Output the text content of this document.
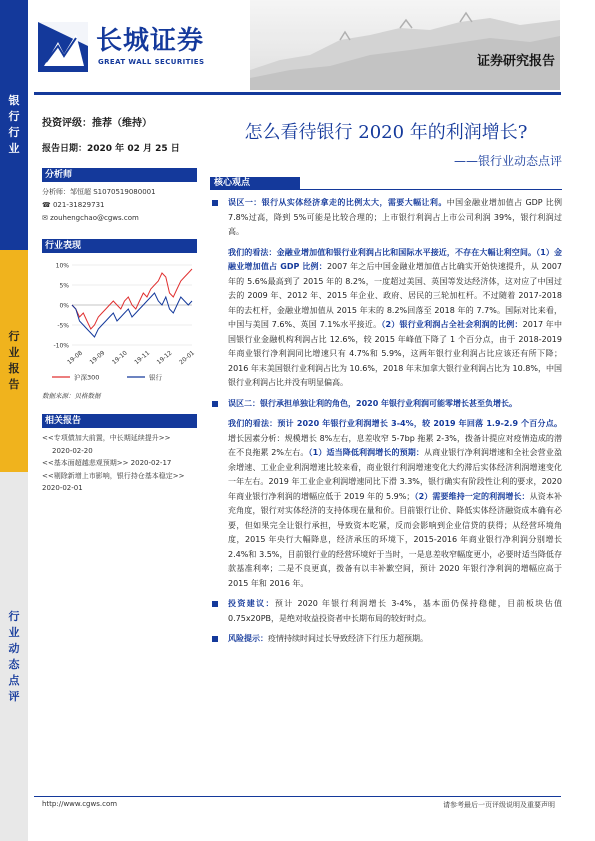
银
行
行
业
行
业
报
告
行
业
动
态
点
评
长城证券
GREAT WALL SECURITIES	证券研究报告
投资评级：推荐（维持）
报告日期：2020 年 02 月 25 日
分析师
分析师：邹恒超 S1070519080001
☎ 021-31829731
✉ zouhengchao@cgws.com
行业表现
10%
5%
0%
-5%
-10%
19-08 19-09 19-10 19-11 19-12 20-01
沪深300	银行
数据来源：贝格数据
相关报告
<<专项债加大前置，中长期延续提升>>
2020-02-20
<<基本面超越悲观预期>> 2020-02-17
<<剔除新增上市影响，银行持仓基本稳定>> 2020-02-01
怎么看待银行 2020 年的利润增长?
——银行业动态点评
核心观点
误区一：银行从实体经济拿走的比例太大，需要大幅让利。中国金融业增加值占 GDP 比例 7.8%过高，降到 5%可能是比较合理的；上市银行利润占上市公司利润 39%，银行利润过高。
我们的看法：金融业增加值和银行业利润占比和国际水平接近，不存在大幅让利空间。（1）金融业增加值占 GDP 比例：2007 年之后中国金融业增加值占比确实开始快速提升，从 2007 年的 5.6%最高到了 2015 年的 8.2%，一度超过美国、英国等发达经济体，这对应了中国过去的 2009 年、2012 年、2015 年企业、政府、居民的三轮加杠杆。不过随着 2017-2018 年的去杠杆，金融业增加值从 2015 年末的 8.2%回落至 2018 年的 7.7%。国际对比来看，中国与美国 7.6%、英国 7.1%水平接近。（2）银行业利润占全社会利润的比例：2017 年中国银行业金融机构利润占比 12.6%，较 2015 年峰值下降了 1 个百分点，由于 2018-2019 年商业银行净利润同比增速只有 4.7%和 5.9%，这两年银行业利润占比应该还有所下降；2016 年末美国银行业利润占比为 10.6%，2018 年末加拿大银行业利润占比为 10.8%，中国银行业利润占比并没有明显偏高。
误区二：银行承担单独让利的角色，2020 年银行业利润可能零增长甚至负增长。
我们的看法：预计 2020 年银行业利润增长 3-4%，较 2019 年回落 1.9-2.9 个百分点。增长因素分析：规模增长 8%左右，息差收窄 5-7bp 拖累 2-3%，拨备计提应对疫情造成的潜在不良拖累 2%左右。（1）适当降低利润增长的预期：从商业银行净利润增速和全社会营业盈余增速、工业企业利润增速比较来看，商业银行利润增速变化大约滞后实体经济利润增速变化一年左右。2019 年工业企业利润增速同比下滑 3.3%，银行确实有阶段性让利的要求，2020 年商业银行净利润的增幅应低于 2019 年的 5.9%；（2）需要维持一定的利润增长：从资本补充角度，银行对实体经济的支持体现在量和价。目前银行让价、降低实体经济融资成本确有必要，但如果完全让银行承担，导致资本吃紧，反而会影响到企业信贷的获得；从经营环境角度，2015 年央行大幅降息，经济承压的环境下，2015-2016 年商业银行净利润分别增长 2.4%和 3.5%，目前银行业的经营环境好于当时，一是息差收窄幅度更小，必要时适当降低存款基准利率；二是不良更真，拨备有以丰补歉空间，预计 2020 年银行净利润的增幅应高于 2015 年和 2016 年。
投资建议：预计 2020 年银行利润增长 3-4%，基本面仍保持稳健，目前板块估值 0.75x20PB，是绝对收益投资者中长期布局的较好时点。
风险提示：疫情持续时间过长导致经济下行压力超预期。
http://www.cgws.com	请参考最后一页评级说明及重要声明
